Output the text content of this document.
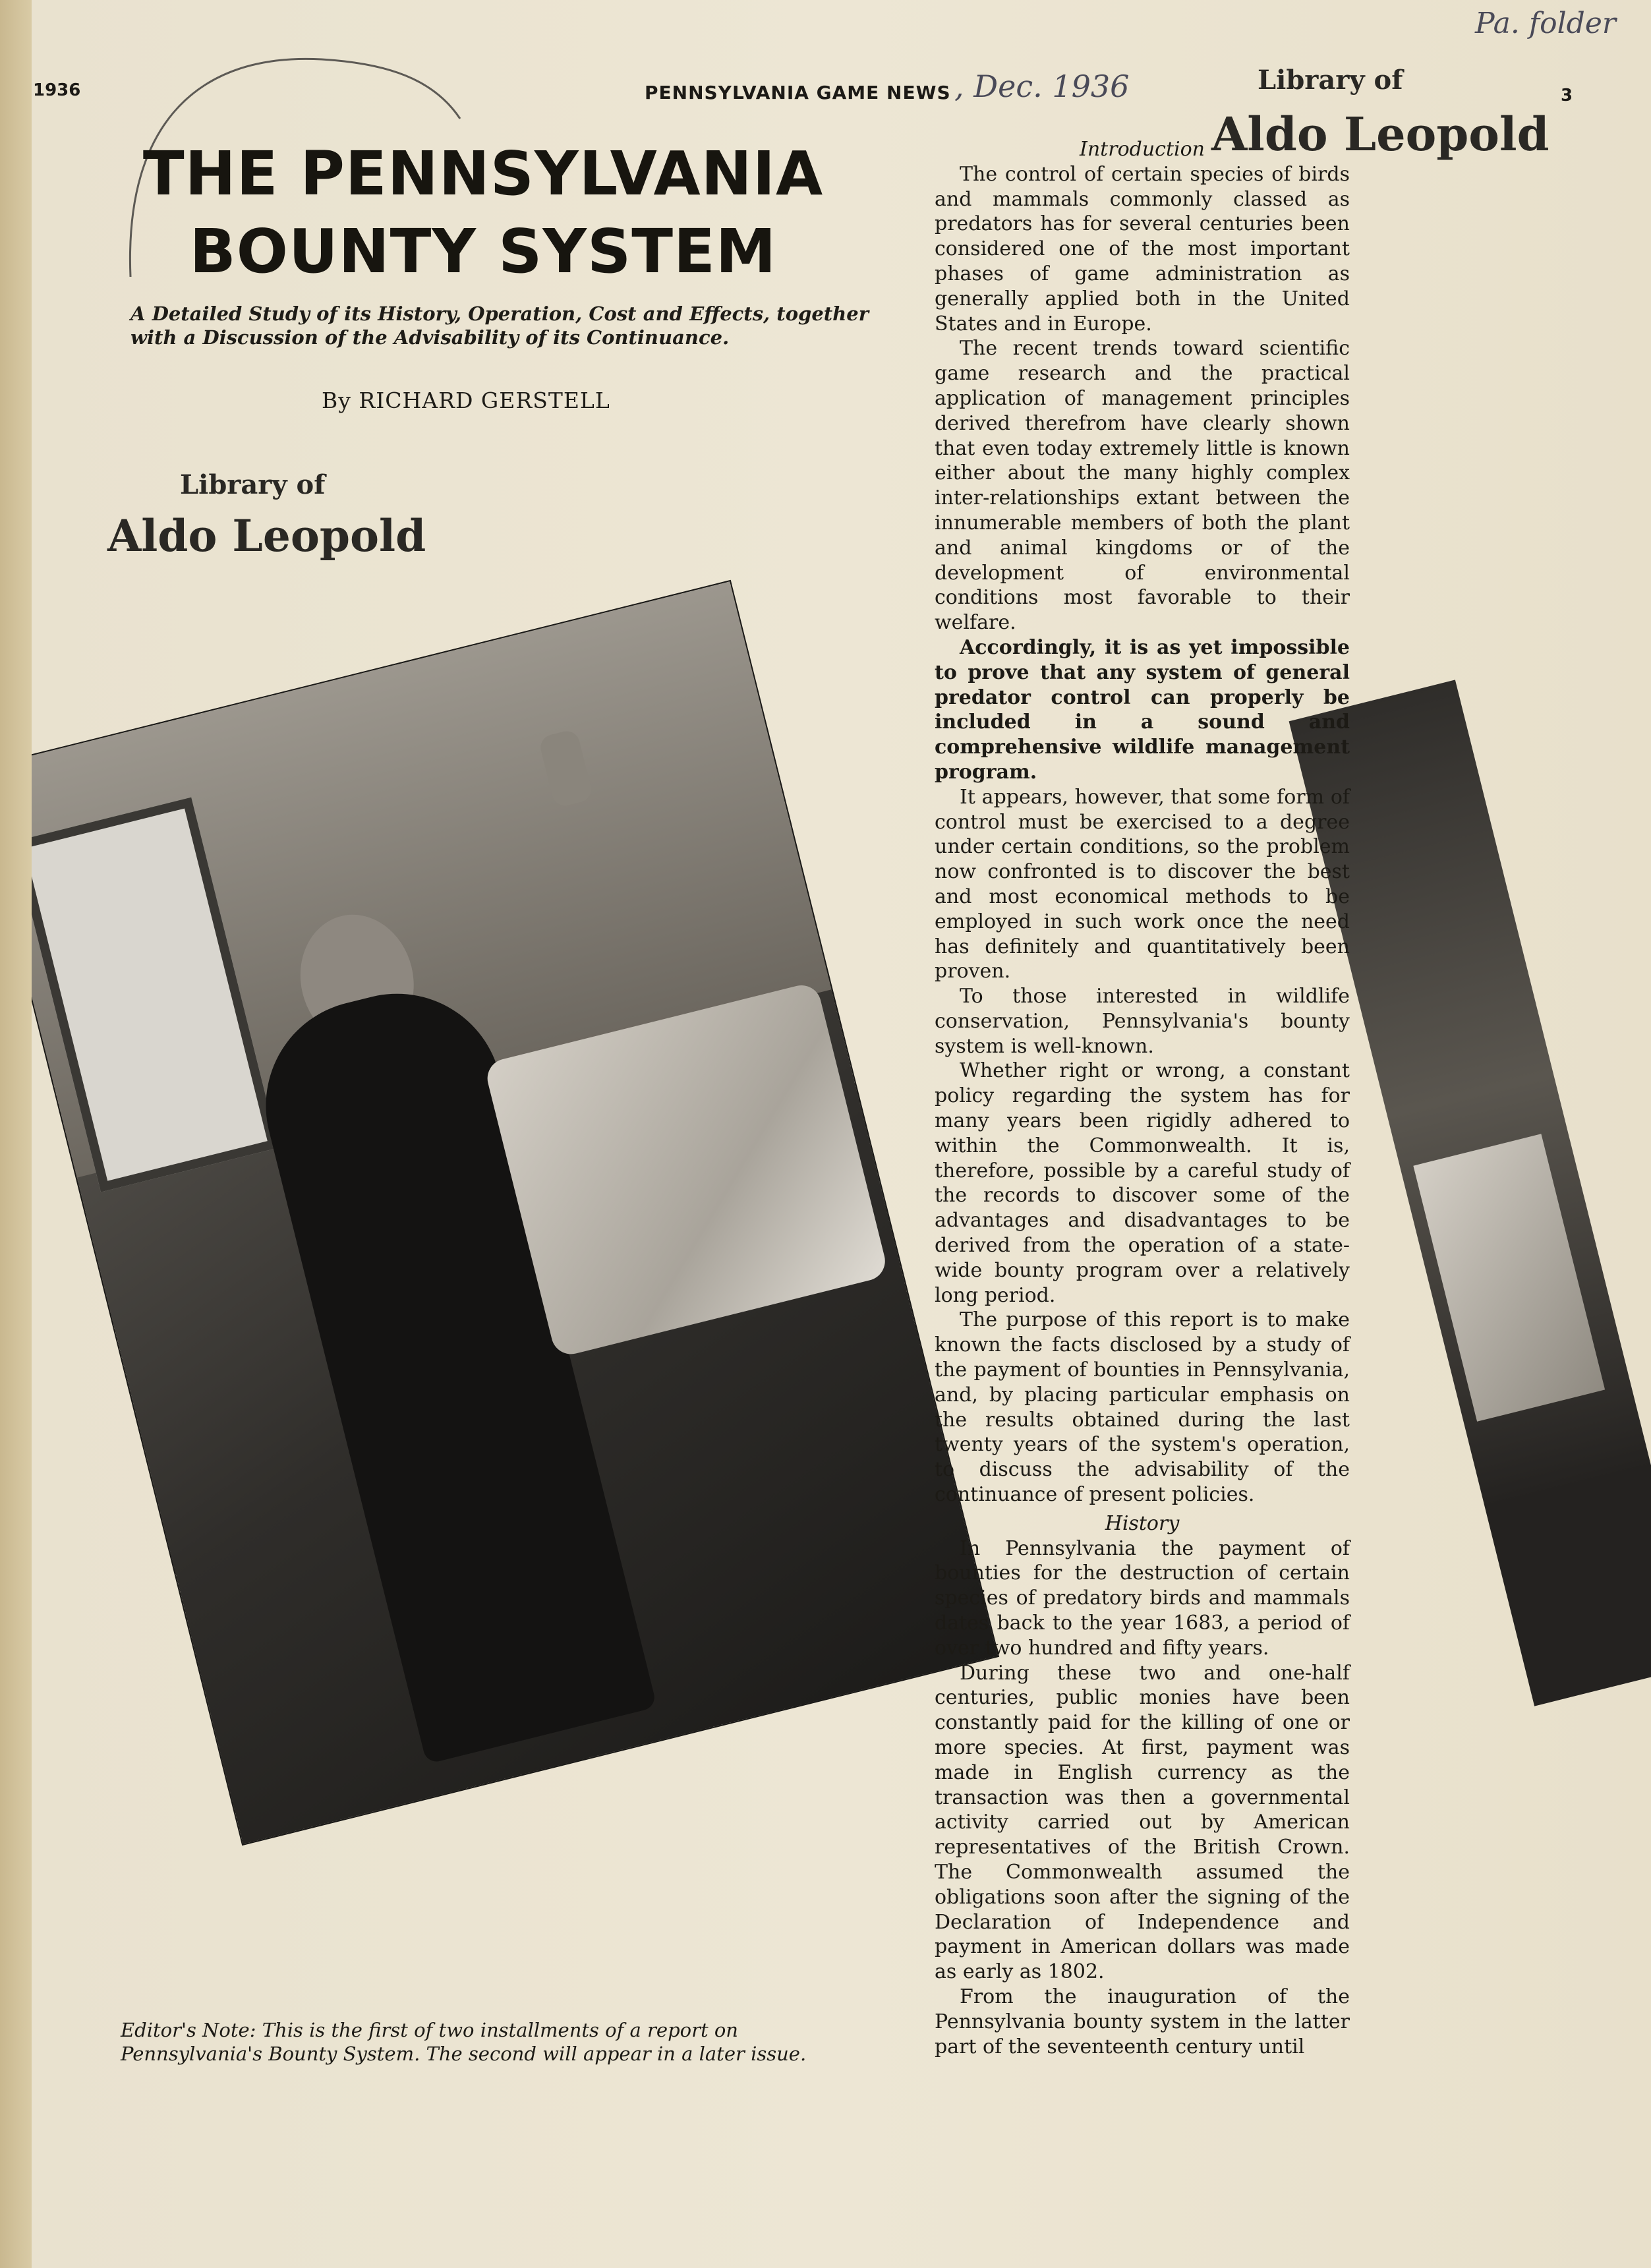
1936	PENNSYLVANIA GAME NEWS	3
, Dec. 1936
Pa. folder
Library of
Aldo Leopold
Library of
Aldo Leopold
THE PENNSYLVANIA
BOUNTY SYSTEM
A Detailed Study of its History, Operation, Cost and Effects, together with a Discussion of the Advisability of its Continuance.
By RICHARD GERSTELL
Introduction

The control of certain species of birds and mammals commonly classed as predators has for several centuries been considered one of the most important phases of game administration as generally applied both in the United States and in Europe.

The recent trends toward scientific game research and the practical application of management principles derived therefrom have clearly shown that even today extremely little is known either about the many highly complex inter-relationships extant between the innumerable members of both the plant and animal kingdoms or of the development of environmental conditions most favorable to their welfare.

Accordingly, it is as yet impossible to prove that any system of general predator control can properly be included in a sound and comprehensive wildlife management program.

It appears, however, that some form of control must be exercised to a degree under certain conditions, so the problem now confronted is to discover the best and most economical methods to be employed in such work once the need has definitely and quantitatively been proven.

To those interested in wildlife conservation, Pennsylvania's bounty system is well-known.

Whether right or wrong, a constant policy regarding the system has for many years been rigidly adhered to within the Commonwealth. It is, therefore, possible by a careful study of the records to discover some of the advantages and disadvantages to be derived from the operation of a state-wide bounty program over a relatively long period.

The purpose of this report is to make known the facts disclosed by a study of the payment of bounties in Pennsylvania, and, by placing particular emphasis on the results obtained during the last twenty years of the system's operation, to discuss the advisability of the continuance of present policies.

History

In Pennsylvania the payment of bounties for the destruction of certain species of predatory birds and mammals dates back to the year 1683, a period of over two hundred and fifty years.

During these two and one-half centuries, public monies have been constantly paid for the killing of one or more species. At first, payment was made in English currency as the transaction was then a governmental activity carried out by American representatives of the British Crown. The Commonwealth assumed the obligations soon after the signing of the Declaration of Independence and payment in American dollars was made as early as 1802.

From the inauguration of the Pennsylvania bounty system in the latter part of the seventeenth century until

Editor's Note: This is the first of two installments of a report on Pennsylvania's Bounty System. The second will appear in a later issue.
